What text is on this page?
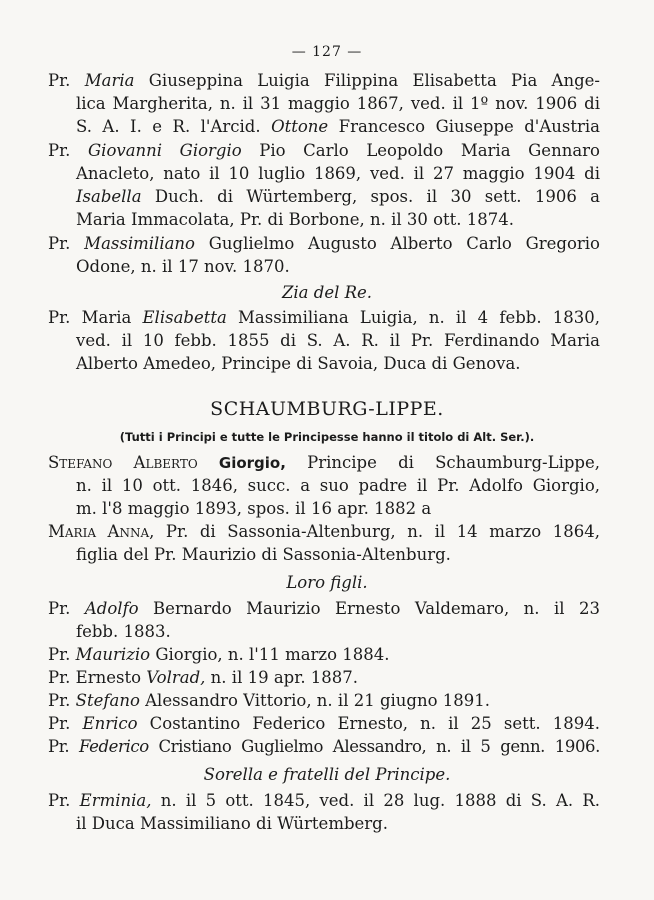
— 127 —
Pr. Maria Giuseppina Luigia Filippina Elisabetta Pia Ange-
lica Margherita, n. il 31 maggio 1867, ved. il 1º nov. 1906 di
S. A. I. e R. l'Arcid. Ottone Francesco Giuseppe d'Austria
Pr. Giovanni Giorgio Pio Carlo Leopoldo Maria Gennaro
Anacleto, nato il 10 luglio 1869, ved. il 27 maggio 1904 di
Isabella Duch. di Würtemberg, spos. il 30 sett. 1906 a
Maria Immacolata, Pr. di Borbone, n. il 30 ott. 1874.
Pr. Massimiliano Guglielmo Augusto Alberto Carlo Gregorio
Odone, n. il 17 nov. 1870.
Zia del Re.
Pr. Maria Elisabetta Massimiliana Luigia, n. il 4 febb. 1830,
ved. il 10 febb. 1855 di S. A. R. il Pr. Ferdinando Maria
Alberto Amedeo, Principe di Savoia, Duca di Genova.
SCHAUMBURG-LIPPE.
(Tutti i Principi e tutte le Principesse hanno il titolo di Alt. Ser.).
Stefano Alberto Giorgio, Principe di Schaumburg-Lippe,
n. il 10 ott. 1846, succ. a suo padre il Pr. Adolfo Giorgio,
m. l'8 maggio 1893, spos. il 16 apr. 1882 a
Maria Anna, Pr. di Sassonia-Altenburg, n. il 14 marzo 1864,
figlia del Pr. Maurizio di Sassonia-Altenburg.
Loro figli.
Pr. Adolfo Bernardo Maurizio Ernesto Valdemaro, n. il 23
febb. 1883.
Pr. Maurizio Giorgio, n. l'11 marzo 1884.
Pr. Ernesto Volrad, n. il 19 apr. 1887.
Pr. Stefano Alessandro Vittorio, n. il 21 giugno 1891.
Pr. Enrico Costantino Federico Ernesto, n. il 25 sett. 1894.
Pr. Federico Cristiano Guglielmo Alessandro, n. il 5 genn. 1906.
Sorella e fratelli del Principe.
Pr. Erminia, n. il 5 ott. 1845, ved. il 28 lug. 1888 di S. A. R.
il Duca Massimiliano di Würtemberg.
